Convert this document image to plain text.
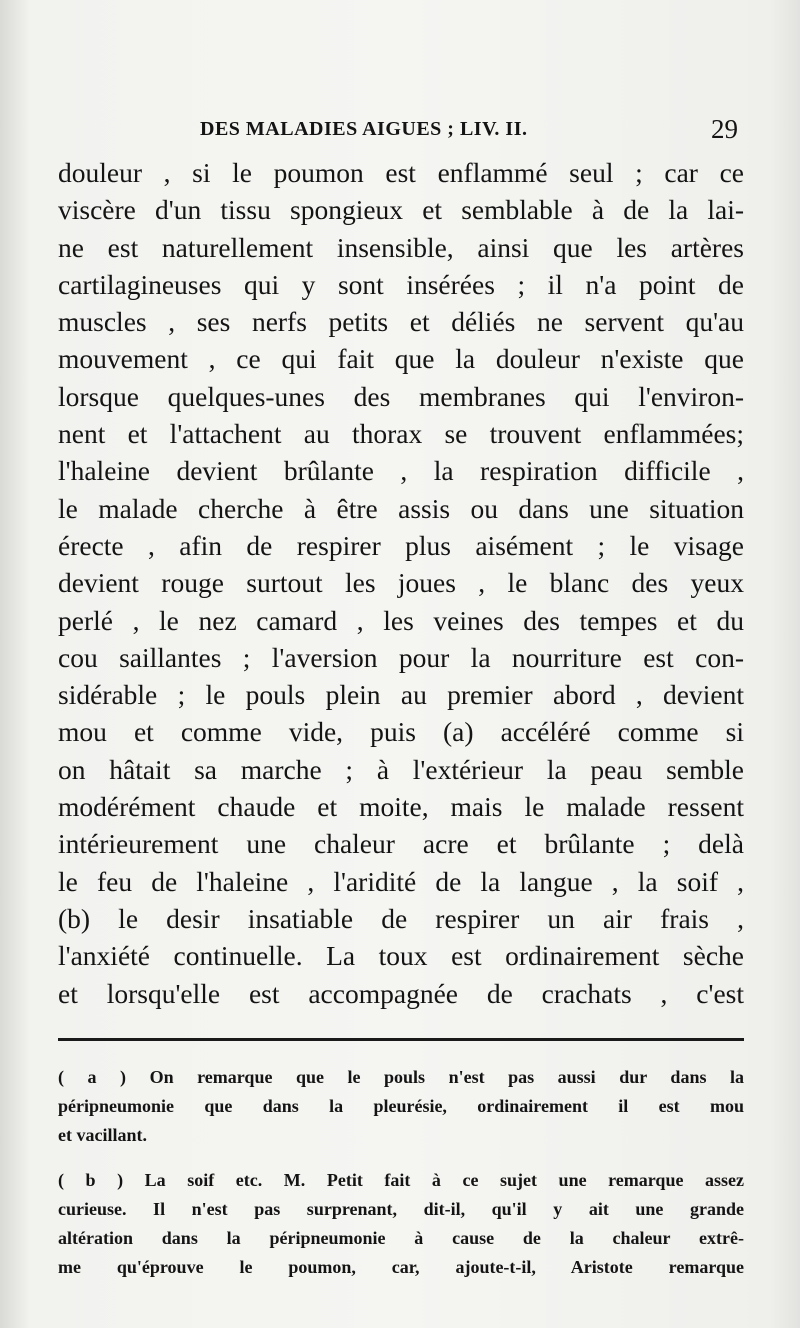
DES MALADIES AIGUES ; LIV. II.	29
douleur , si le poumon est enflammé seul ; car ce
viscère d'un tissu spongieux et semblable à de la lai-
ne est naturellement insensible, ainsi que les artères
cartilagineuses qui y sont insérées ; il n'a point de
muscles , ses nerfs petits et déliés ne servent qu'au
mouvement , ce qui fait que la douleur n'existe que
lorsque quelques-unes des membranes qui l'environ-
nent et l'attachent au thorax se trouvent enflammées;
l'haleine devient brûlante , la respiration difficile ,
le malade cherche à être assis ou dans une situation
érecte , afin de respirer plus aisément ; le visage
devient rouge surtout les joues , le blanc des yeux
perlé , le nez camard , les veines des tempes et du
cou saillantes ; l'aversion pour la nourriture est con-
sidérable ; le pouls plein au premier abord , devient
mou et comme vide, puis (a) accéléré comme si
on hâtait sa marche ; à l'extérieur la peau semble
modérément chaude et moite, mais le malade ressent
intérieurement une chaleur acre et brûlante ; delà
le feu de l'haleine , l'aridité de la langue , la soif ,
(b) le desir insatiable de respirer un air frais ,
l'anxiété continuelle. La toux est ordinairement sèche
et lorsqu'elle est accompagnée de crachats , c'est
( a ) On remarque que le pouls n'est pas aussi dur dans la
péripneumonie que dans la pleurésie, ordinairement il est mou
et vacillant.
( b ) La soif etc. M. Petit fait à ce sujet une remarque assez
curieuse. Il n'est pas surprenant, dit-il, qu'il y ait une grande
altération dans la péripneumonie à cause de la chaleur extrê-
me qu'éprouve le poumon, car, ajoute-t-il, Aristote remarque
